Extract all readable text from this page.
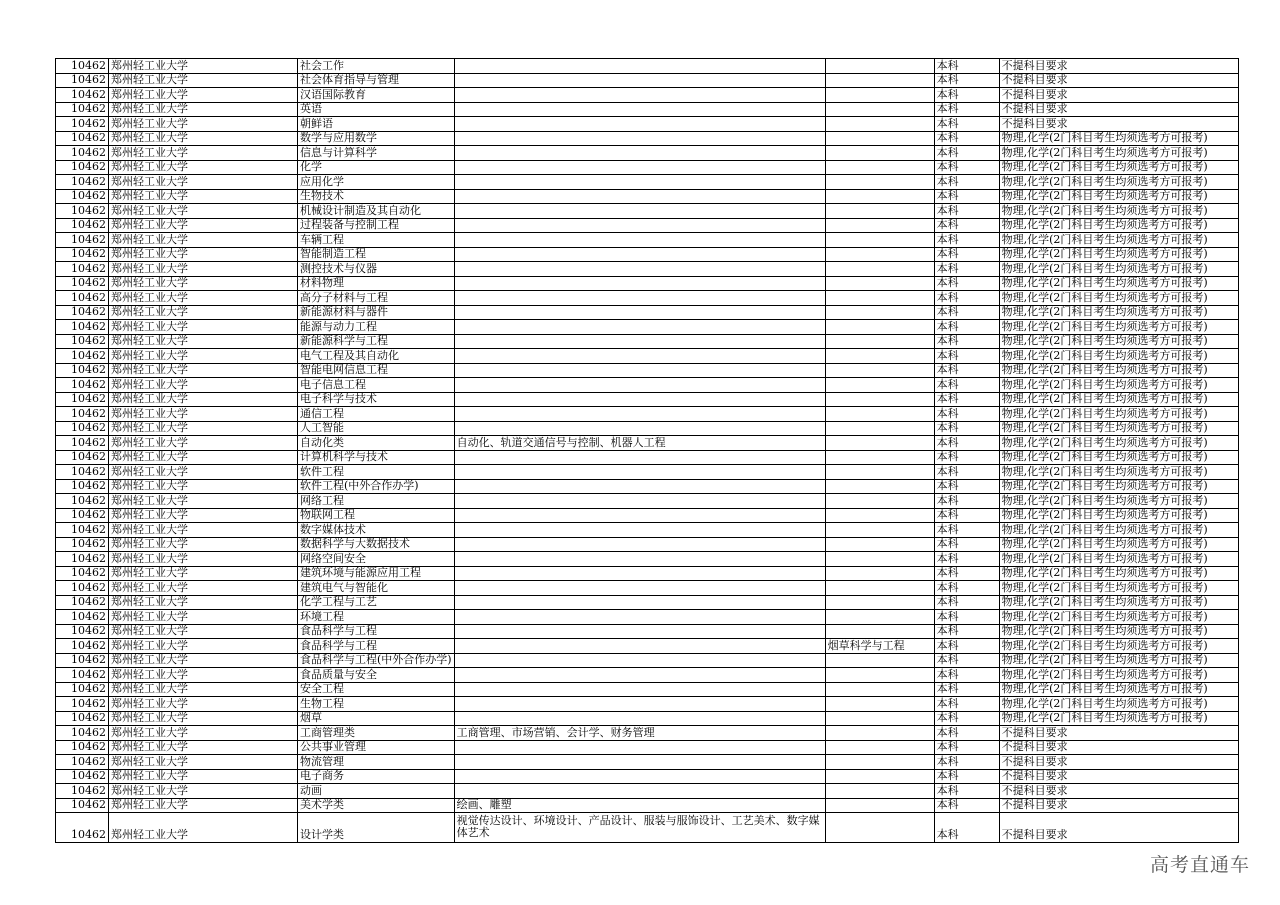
10462	郑州轻工业大学	社会工作			本科	不提科目要求
10462	郑州轻工业大学	社会体育指导与管理			本科	不提科目要求
10462	郑州轻工业大学	汉语国际教育			本科	不提科目要求
10462	郑州轻工业大学	英语			本科	不提科目要求
10462	郑州轻工业大学	朝鲜语			本科	不提科目要求
10462	郑州轻工业大学	数学与应用数学			本科	物理,化学(2门科目考生均须选考方可报考)
10462	郑州轻工业大学	信息与计算科学			本科	物理,化学(2门科目考生均须选考方可报考)
10462	郑州轻工业大学	化学			本科	物理,化学(2门科目考生均须选考方可报考)
10462	郑州轻工业大学	应用化学			本科	物理,化学(2门科目考生均须选考方可报考)
10462	郑州轻工业大学	生物技术			本科	物理,化学(2门科目考生均须选考方可报考)
10462	郑州轻工业大学	机械设计制造及其自动化			本科	物理,化学(2门科目考生均须选考方可报考)
10462	郑州轻工业大学	过程装备与控制工程			本科	物理,化学(2门科目考生均须选考方可报考)
10462	郑州轻工业大学	车辆工程			本科	物理,化学(2门科目考生均须选考方可报考)
10462	郑州轻工业大学	智能制造工程			本科	物理,化学(2门科目考生均须选考方可报考)
10462	郑州轻工业大学	测控技术与仪器			本科	物理,化学(2门科目考生均须选考方可报考)
10462	郑州轻工业大学	材料物理			本科	物理,化学(2门科目考生均须选考方可报考)
10462	郑州轻工业大学	高分子材料与工程			本科	物理,化学(2门科目考生均须选考方可报考)
10462	郑州轻工业大学	新能源材料与器件			本科	物理,化学(2门科目考生均须选考方可报考)
10462	郑州轻工业大学	能源与动力工程			本科	物理,化学(2门科目考生均须选考方可报考)
10462	郑州轻工业大学	新能源科学与工程			本科	物理,化学(2门科目考生均须选考方可报考)
10462	郑州轻工业大学	电气工程及其自动化			本科	物理,化学(2门科目考生均须选考方可报考)
10462	郑州轻工业大学	智能电网信息工程			本科	物理,化学(2门科目考生均须选考方可报考)
10462	郑州轻工业大学	电子信息工程			本科	物理,化学(2门科目考生均须选考方可报考)
10462	郑州轻工业大学	电子科学与技术			本科	物理,化学(2门科目考生均须选考方可报考)
10462	郑州轻工业大学	通信工程			本科	物理,化学(2门科目考生均须选考方可报考)
10462	郑州轻工业大学	人工智能			本科	物理,化学(2门科目考生均须选考方可报考)
10462	郑州轻工业大学	自动化类	自动化、轨道交通信号与控制、机器人工程		本科	物理,化学(2门科目考生均须选考方可报考)
10462	郑州轻工业大学	计算机科学与技术			本科	物理,化学(2门科目考生均须选考方可报考)
10462	郑州轻工业大学	软件工程			本科	物理,化学(2门科目考生均须选考方可报考)
10462	郑州轻工业大学	软件工程(中外合作办学)			本科	物理,化学(2门科目考生均须选考方可报考)
10462	郑州轻工业大学	网络工程			本科	物理,化学(2门科目考生均须选考方可报考)
10462	郑州轻工业大学	物联网工程			本科	物理,化学(2门科目考生均须选考方可报考)
10462	郑州轻工业大学	数字媒体技术			本科	物理,化学(2门科目考生均须选考方可报考)
10462	郑州轻工业大学	数据科学与大数据技术			本科	物理,化学(2门科目考生均须选考方可报考)
10462	郑州轻工业大学	网络空间安全			本科	物理,化学(2门科目考生均须选考方可报考)
10462	郑州轻工业大学	建筑环境与能源应用工程			本科	物理,化学(2门科目考生均须选考方可报考)
10462	郑州轻工业大学	建筑电气与智能化			本科	物理,化学(2门科目考生均须选考方可报考)
10462	郑州轻工业大学	化学工程与工艺			本科	物理,化学(2门科目考生均须选考方可报考)
10462	郑州轻工业大学	环境工程			本科	物理,化学(2门科目考生均须选考方可报考)
10462	郑州轻工业大学	食品科学与工程			本科	物理,化学(2门科目考生均须选考方可报考)
10462	郑州轻工业大学	食品科学与工程		烟草科学与工程	本科	物理,化学(2门科目考生均须选考方可报考)
10462	郑州轻工业大学	食品科学与工程(中外合作办学)			本科	物理,化学(2门科目考生均须选考方可报考)
10462	郑州轻工业大学	食品质量与安全			本科	物理,化学(2门科目考生均须选考方可报考)
10462	郑州轻工业大学	安全工程			本科	物理,化学(2门科目考生均须选考方可报考)
10462	郑州轻工业大学	生物工程			本科	物理,化学(2门科目考生均须选考方可报考)
10462	郑州轻工业大学	烟草			本科	物理,化学(2门科目考生均须选考方可报考)
10462	郑州轻工业大学	工商管理类	工商管理、市场营销、会计学、财务管理		本科	不提科目要求
10462	郑州轻工业大学	公共事业管理			本科	不提科目要求
10462	郑州轻工业大学	物流管理			本科	不提科目要求
10462	郑州轻工业大学	电子商务			本科	不提科目要求
10462	郑州轻工业大学	动画			本科	不提科目要求
10462	郑州轻工业大学	美术学类	绘画、雕塑		本科	不提科目要求
10462	郑州轻工业大学	设计学类	视觉传达设计、环境设计、产品设计、服装与服饰设计、工艺美术、数字媒体艺术		本科	不提科目要求
高考直通车
